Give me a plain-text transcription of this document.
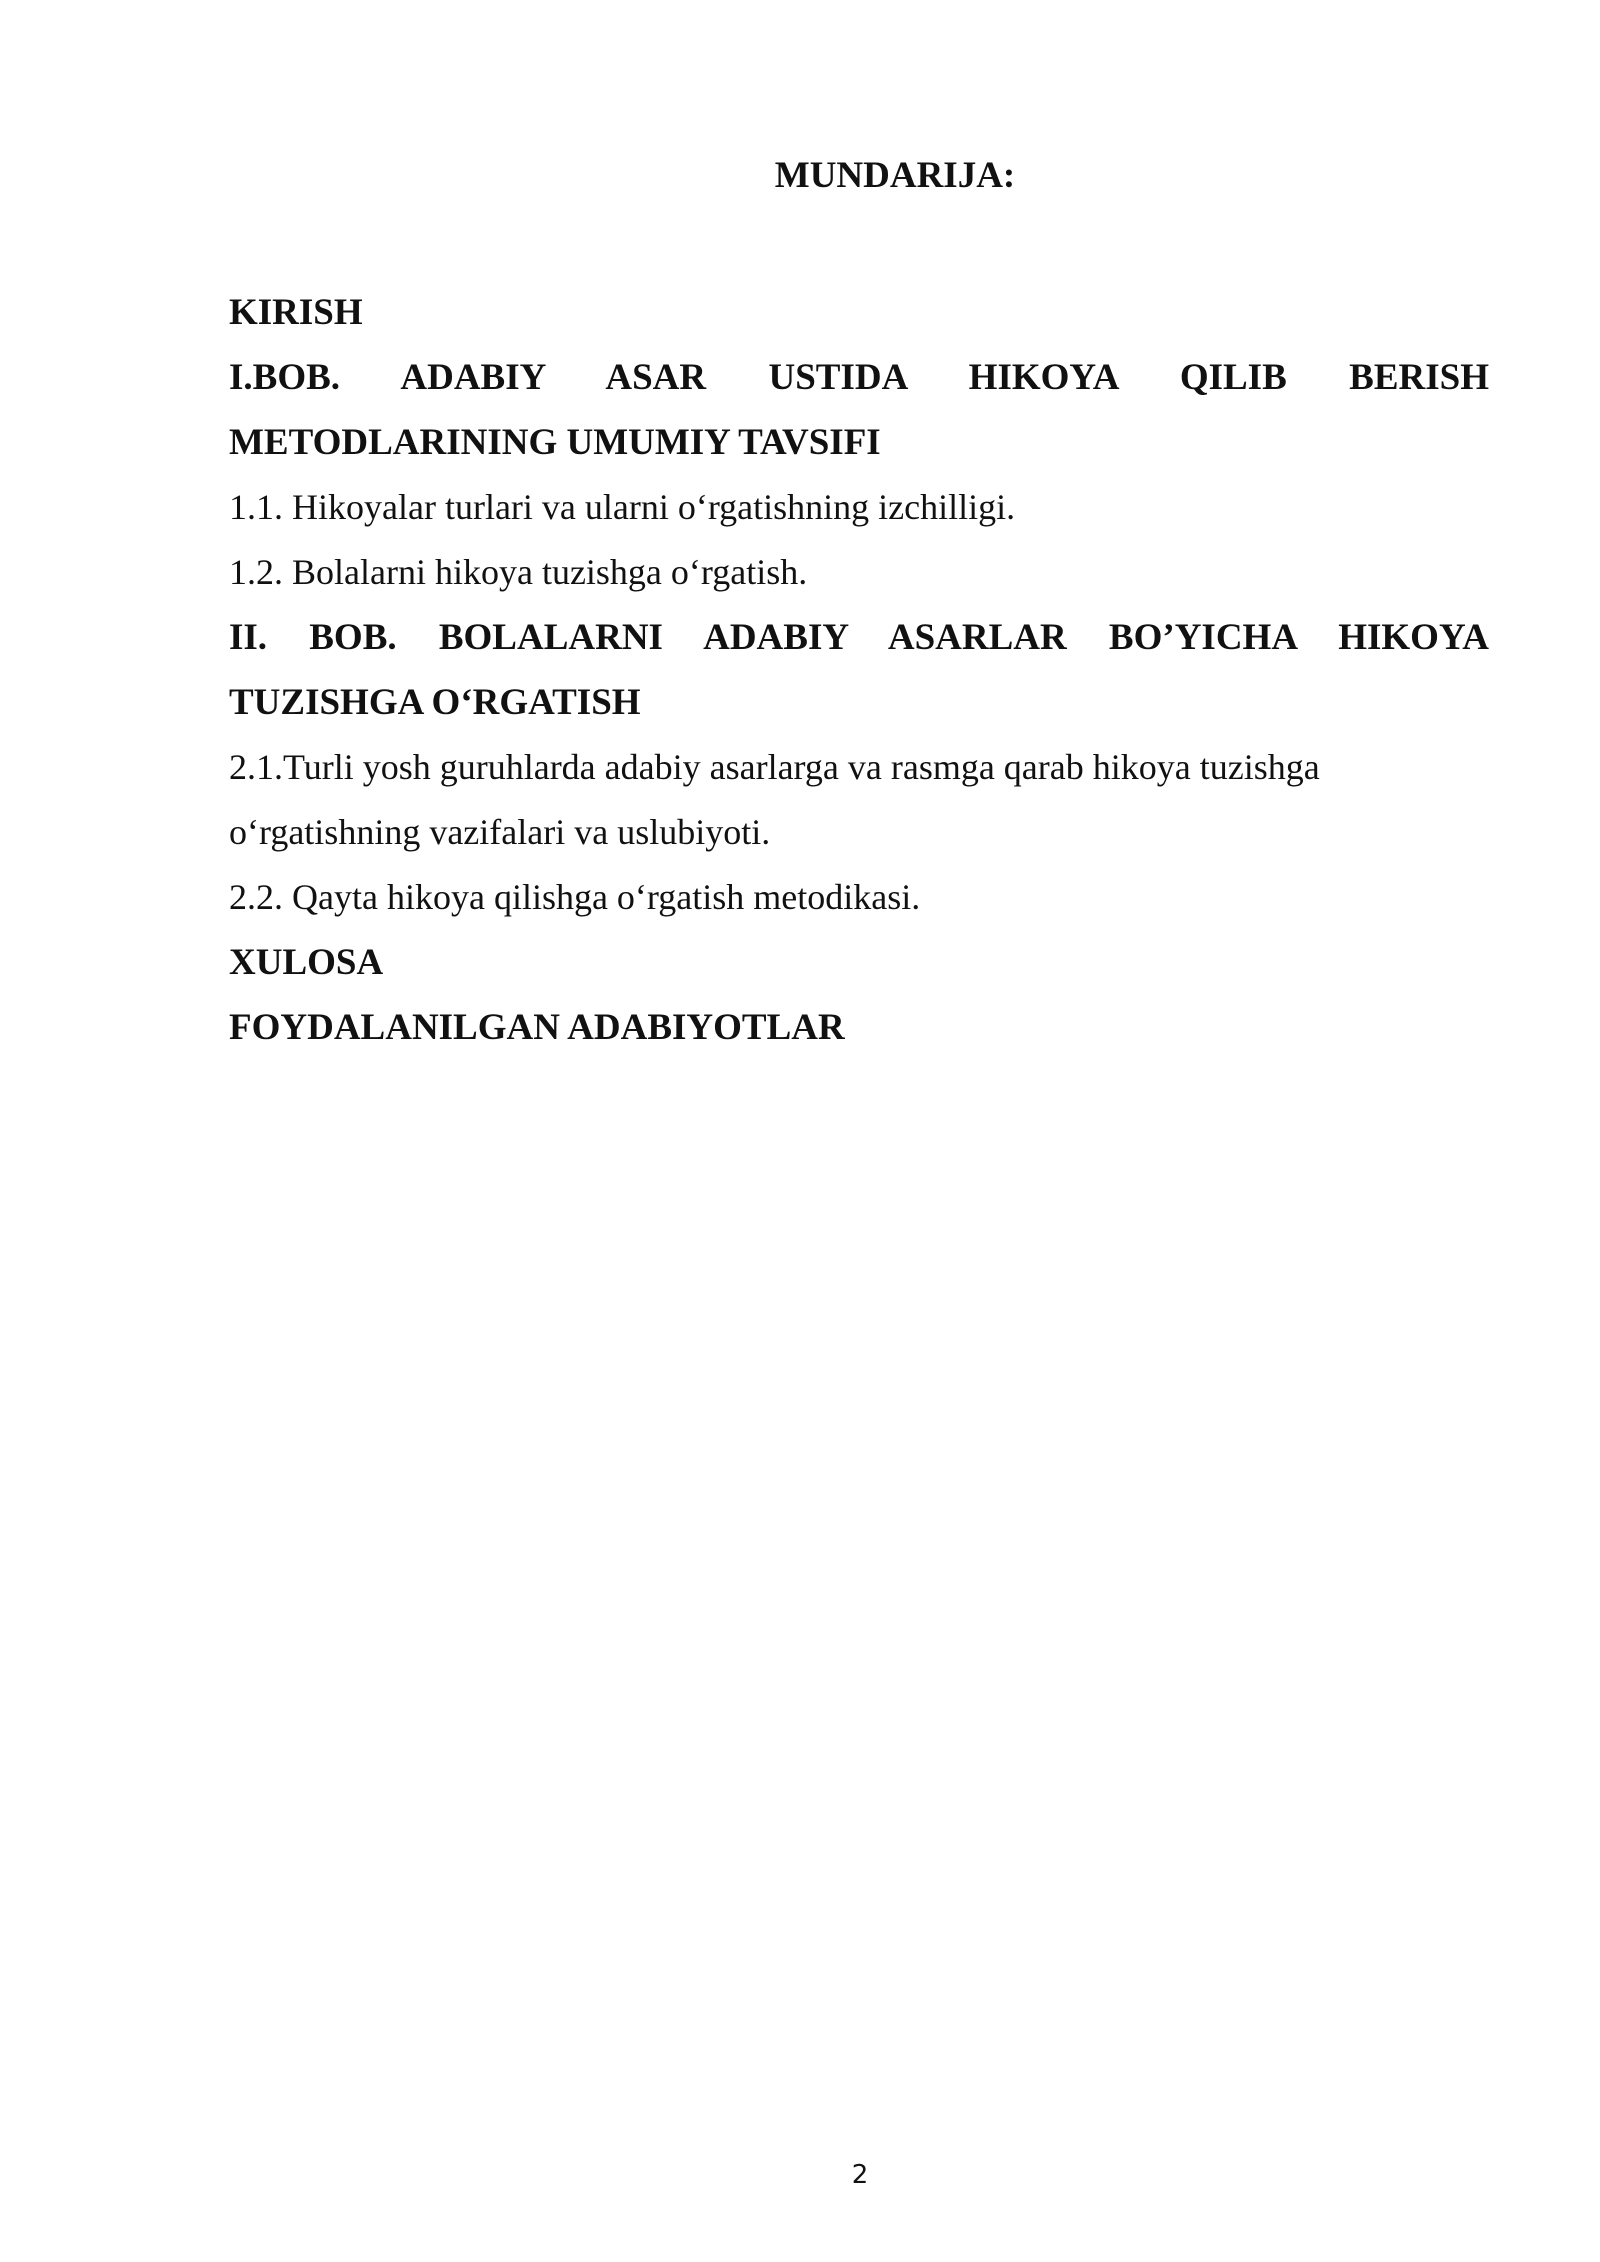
MUNDARIJA:
KIRISH
I.BOB. ADABIY ASAR USTIDA HIKOYA QILIB BERISH
METODLARINING UMUMIY TAVSIFI
1.1. Hikoyalar turlari va ularni o‘rgatishning izchilligi.
1.2. Bolalarni hikoya tuzishga o‘rgatish.
II. BOB. BOLALARNI ADABIY ASARLAR BO’YICHA HIKOYA
TUZISHGA O‘RGATISH
2.1.Turli yosh guruhlarda adabiy asarlarga va rasmga qarab hikoya tuzishga
o‘rgatishning vazifalari va uslubiyoti.
2.2. Qayta hikoya qilishga o‘rgatish metodikasi.
XULOSA
FOYDALANILGAN ADABIYOTLAR
2
